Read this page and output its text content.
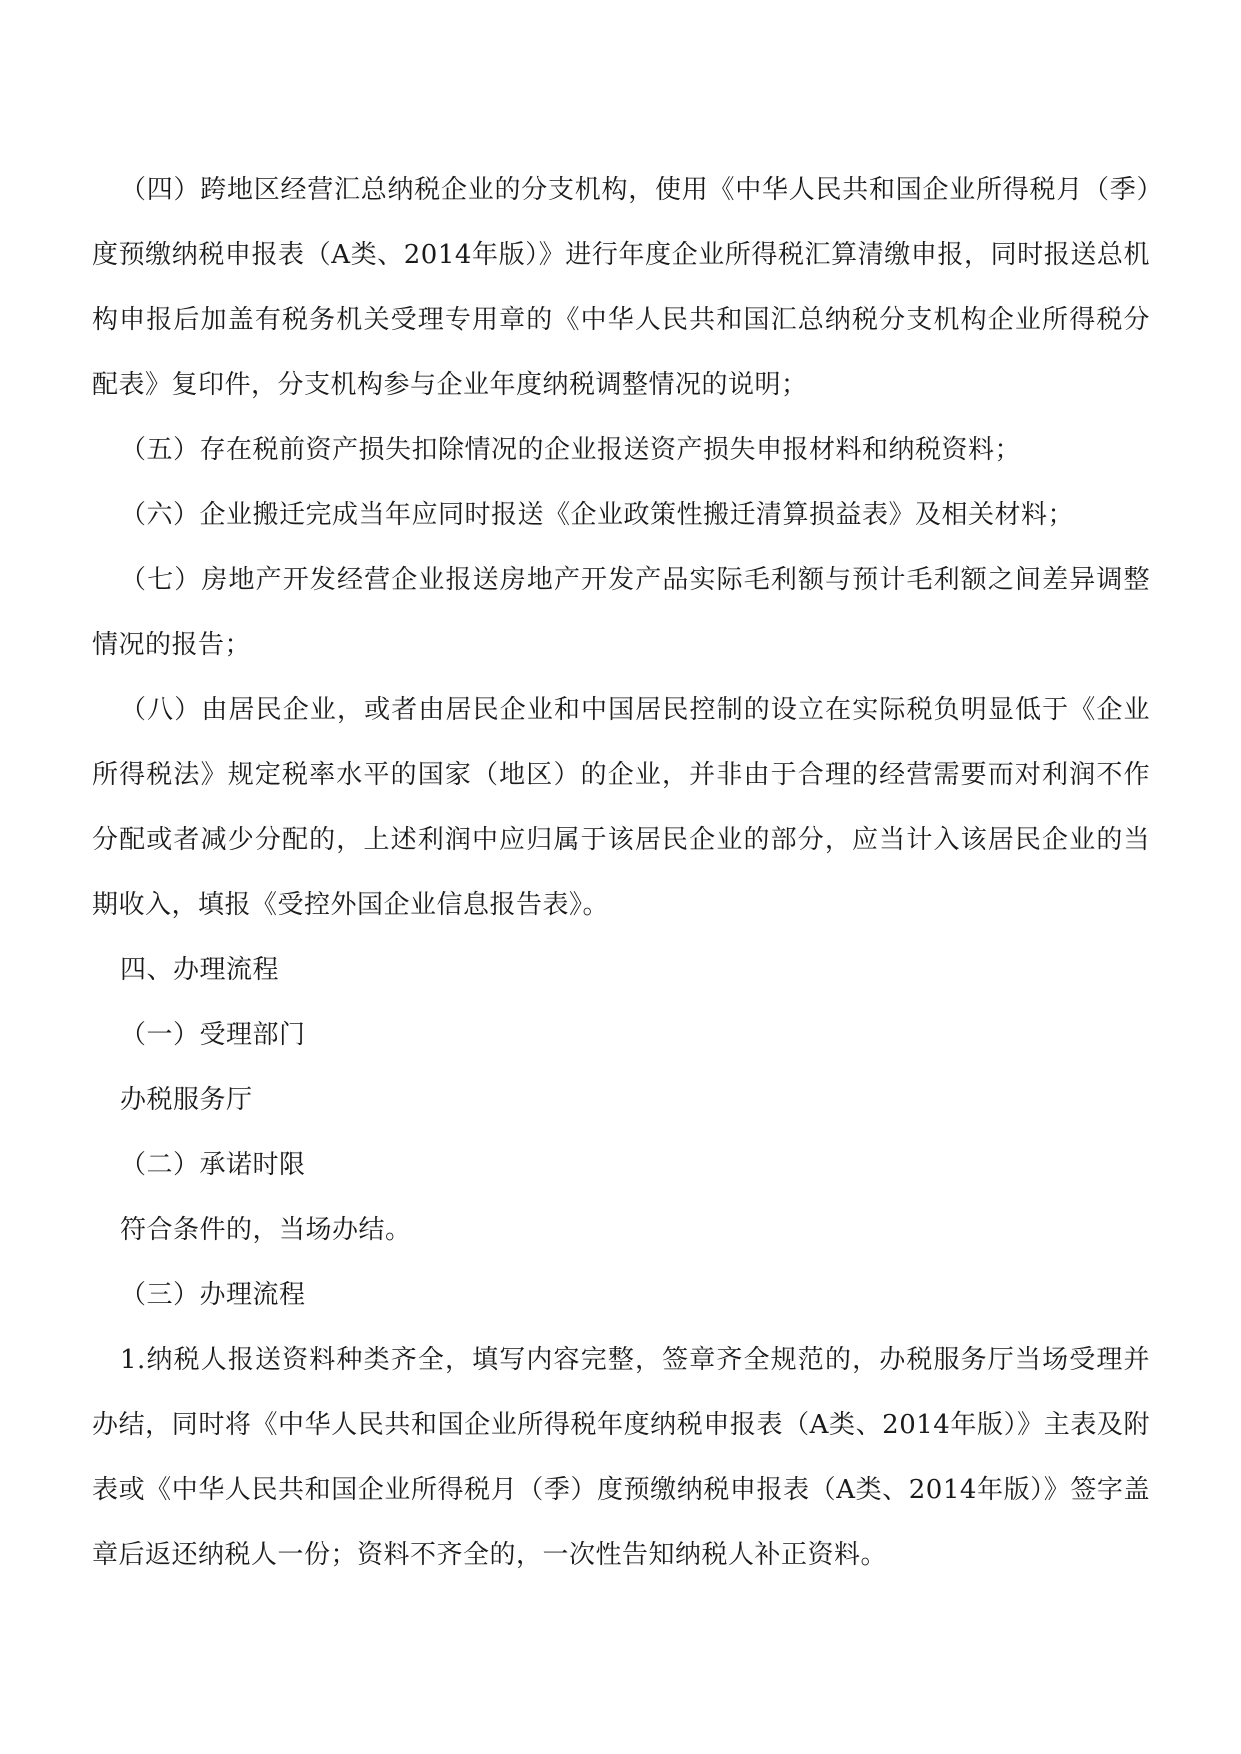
（四）跨地区经营汇总纳税企业的分支机构，使用《中华人民共和国企业所得税月（季）度预缴纳税申报表（A类、2014年版）》进行年度企业所得税汇算清缴申报，同时报送总机构申报后加盖有税务机关受理专用章的《中华人民共和国汇总纳税分支机构企业所得税分配表》复印件，分支机构参与企业年度纳税调整情况的说明；

（五）存在税前资产损失扣除情况的企业报送资产损失申报材料和纳税资料；

（六）企业搬迁完成当年应同时报送《企业政策性搬迁清算损益表》及相关材料；

（七）房地产开发经营企业报送房地产开发产品实际毛利额与预计毛利额之间差异调整情况的报告；

（八）由居民企业，或者由居民企业和中国居民控制的设立在实际税负明显低于《企业所得税法》规定税率水平的国家（地区）的企业，并非由于合理的经营需要而对利润不作分配或者减少分配的，上述利润中应归属于该居民企业的部分，应当计入该居民企业的当期收入，填报《受控外国企业信息报告表》。

四、办理流程

（一）受理部门

办税服务厅

（二）承诺时限

符合条件的，当场办结。

（三）办理流程

1.纳税人报送资料种类齐全，填写内容完整，签章齐全规范的，办税服务厅当场受理并办结，同时将《中华人民共和国企业所得税年度纳税申报表（A类、2014年版）》主表及附表或《中华人民共和国企业所得税月（季）度预缴纳税申报表（A类、2014年版）》签字盖章后返还纳税人一份；资料不齐全的，一次性告知纳税人补正资料。
